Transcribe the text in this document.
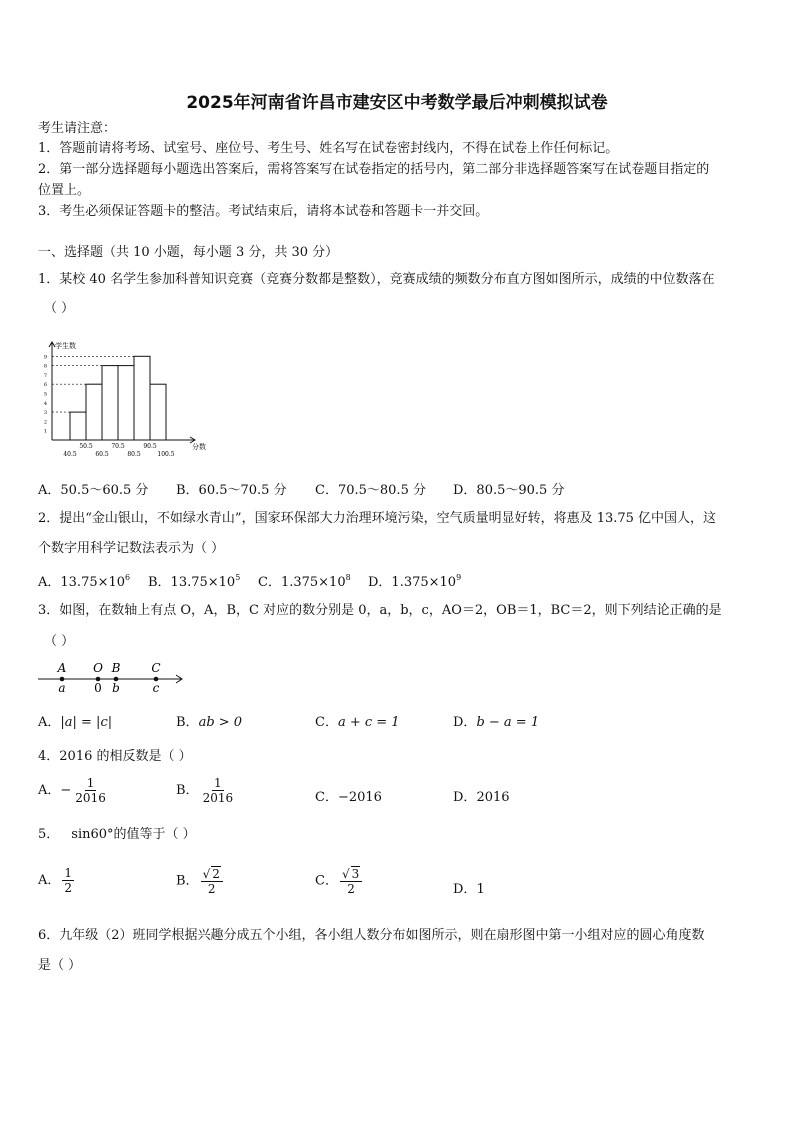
2025年河南省许昌市建安区中考数学最后冲刺模拟试卷
考生请注意：
1．答题前请将考场、试室号、座位号、考生号、姓名写在试卷密封线内，不得在试卷上作任何标记。
2．第一部分选择题每小题选出答案后，需将答案写在试卷指定的括号内，第二部分非选择题答案写在试卷题目指定的
位置上。
3．考生必须保证答题卡的整洁。考试结束后，请将本试卷和答题卡一并交回。
一、选择题（共 10 小题，每小题 3 分，共 30 分）
1．某校 40 名学生参加科普知识竞赛（竞赛分数都是整数），竞赛成绩的频数分布直方图如图所示，成绩的中位数落在
（ ）
学生数
分数
1
2
3
4
5
6
7
8
9
50.5	70.5	90.5
40.5	60.5	80.5	100.5
A．50.5～60.5 分 B．60.5～70.5 分 C．70.5～80.5 分 D．80.5～90.5 分
2．提出“金山银山，不如绿水青山”，国家环保部大力治理环境污染，空气质量明显好转，将惠及 13.75 亿中国人，这
个数字用科学记数法表示为（ ）
A．$13.75\times 10^6$ B．$13.75\times 10^5$ C．$1.375\times 10^8$ D．$1.375\times 10^9$
3．如图，在数轴上有点 O，A，B，C 对应的数分别是 0，a，b，c，AO＝2，OB＝1，BC＝2，则下列结论正确的是
（ ）
A
a
O
0
B
b
C
c
A．|a| = |c|	B．ab > 0	C．a + c = 1	D．b − a = 1
4．2016 的相反数是（ ）
A．− $\frac{1}{2016}$	B． $\frac{1}{2016}$	C．−2016	D．2016
5． sin60°的值等于（ ）
A． $\frac{1}{2}$	B． $\frac{√ 2}{2}$	C． $\frac{√ 3}{2}$	D．1
6．九年级（2）班同学根据兴趣分成五个小组，各小组人数分布如图所示，则在扇形图中第一小组对应的圆心角度数
是（ ）
